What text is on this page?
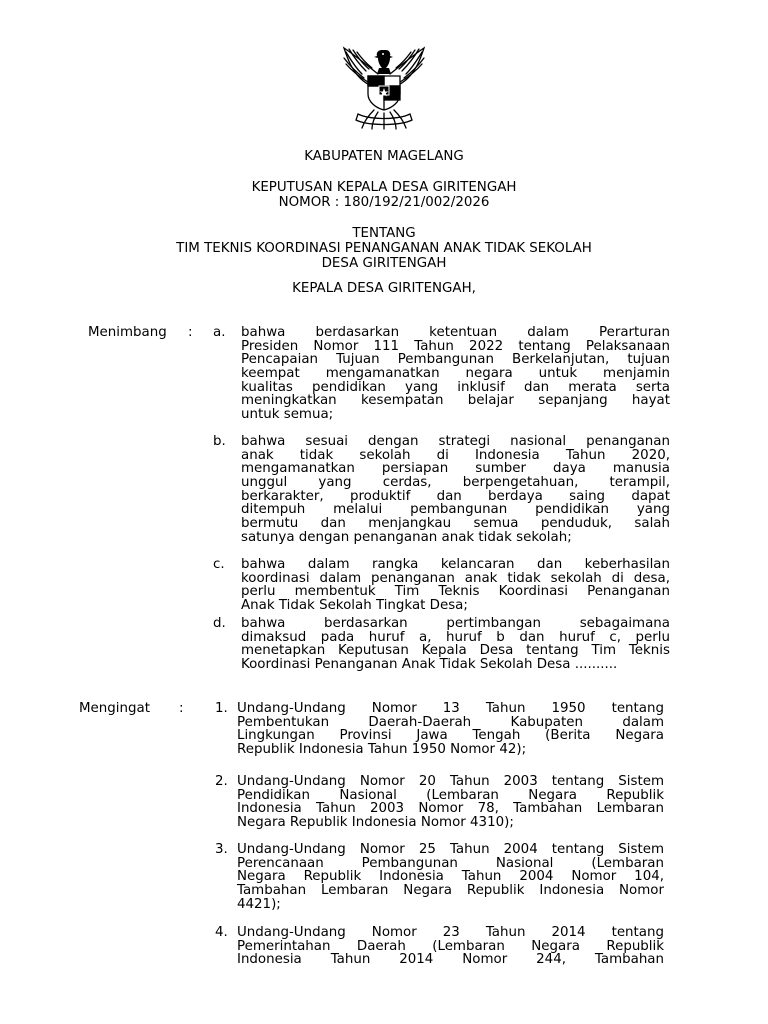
KABUPATEN MAGELANG
KEPUTUSAN KEPALA DESA GIRITENGAH
NOMOR : 180/192/21/002/2026
TENTANG
TIM TEKNIS KOORDINASI PENANGANAN ANAK TIDAK SEKOLAH
DESA GIRITENGAH
KEPALA DESA GIRITENGAH,
Menimbang : a. bahwa berdasarkan ketentuan dalam Perarturan
Presiden Nomor 111 Tahun 2022 tentang Pelaksanaan
Pencapaian Tujuan Pembangunan Berkelanjutan, tujuan
keempat mengamanatkan negara untuk menjamin
kualitas pendidikan yang inklusif dan merata serta
meningkatkan kesempatan belajar sepanjang hayat
untuk semua;
b. bahwa sesuai dengan strategi nasional penanganan
anak tidak sekolah di Indonesia Tahun 2020,
mengamanatkan persiapan sumber daya manusia
unggul yang cerdas, berpengetahuan, terampil,
berkarakter, produktif dan berdaya saing dapat
ditempuh melalui pembangunan pendidikan yang
bermutu dan menjangkau semua penduduk, salah
satunya dengan penanganan anak tidak sekolah;
c. bahwa dalam rangka kelancaran dan keberhasilan
koordinasi dalam penanganan anak tidak sekolah di desa,
perlu membentuk Tim Teknis Koordinasi Penanganan
Anak Tidak Sekolah Tingkat Desa;
d. bahwa berdasarkan pertimbangan sebagaimana
dimaksud pada huruf a, huruf b dan huruf c, perlu
menetapkan Keputusan Kepala Desa tentang Tim Teknis
Koordinasi Penanganan Anak Tidak Sekolah Desa ..........
Mengingat : 1. Undang-Undang Nomor 13 Tahun 1950 tentang
Pembentukan Daerah-Daerah Kabupaten dalam
Lingkungan Provinsi Jawa Tengah (Berita Negara
Republik Indonesia Tahun 1950 Nomor 42);
2. Undang-Undang Nomor 20 Tahun 2003 tentang Sistem
Pendidikan Nasional (Lembaran Negara Republik
Indonesia Tahun 2003 Nomor 78, Tambahan Lembaran
Negara Republik Indonesia Nomor 4310);
3. Undang-Undang Nomor 25 Tahun 2004 tentang Sistem
Perencanaan Pembangunan Nasional (Lembaran
Negara Republik Indonesia Tahun 2004 Nomor 104,
Tambahan Lembaran Negara Republik Indonesia Nomor
4421);
4. Undang-Undang Nomor 23 Tahun 2014 tentang
Pemerintahan Daerah (Lembaran Negara Republik
Indonesia Tahun 2014 Nomor 244, Tambahan
